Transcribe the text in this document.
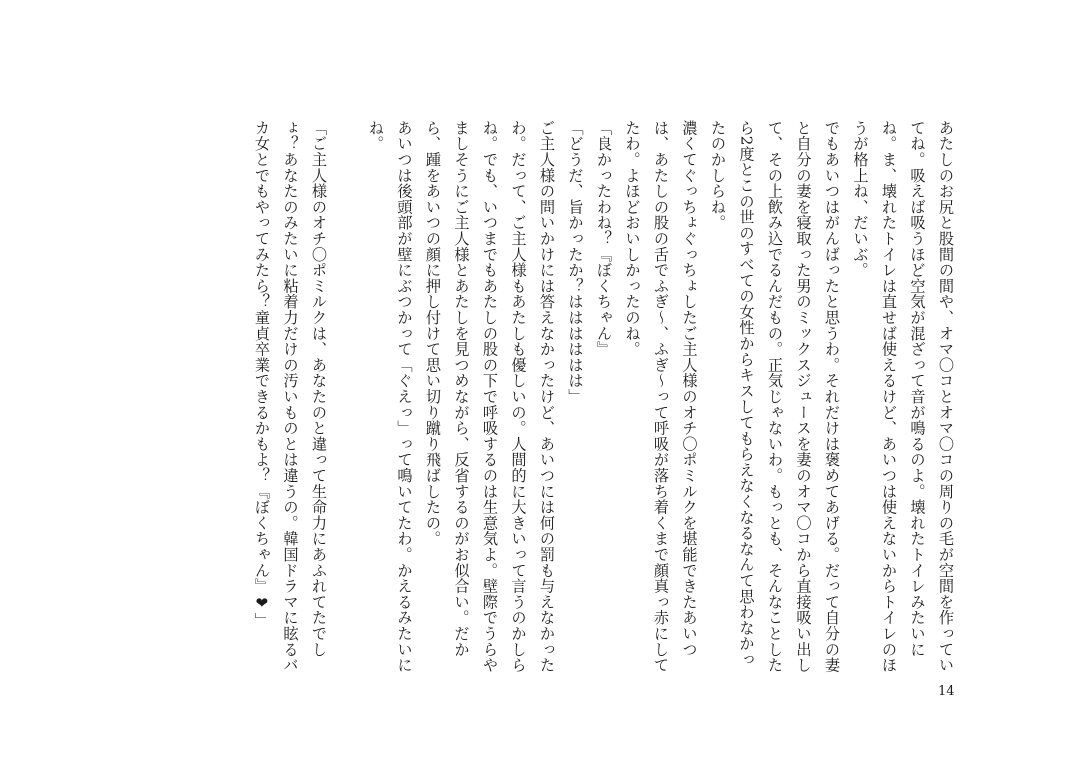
あたしのお尻と股間の間や、オマ〇コとオマ〇コの周りの毛が空間を作っていてね。吸えば吸うほど空気が混ざって音が鳴るのよ。壊れたトイレみたいにね。ま、壊れたトイレは直せば使えるけど、あいつは使えないからトイレのほうが格上ね、だいぶ。

でもあいつはがんばったと思うわ。それだけは褒めてあげる。だって自分の妻と自分の妻を寝取った男のミックスジュースを妻のオマ〇コから直接吸い出して、その上飲み込でるんだもの。正気じゃないわ。もっとも、そんなことしたら2度とこの世のすべての女性からキスしてもらえなくなるなんて思わなかったのかしらね。

濃くてぐっちょぐっちょしたご主人様のオチ〇ポミルクを堪能できたあいつは、あたしの股の舌でふぎ〜、ふぎ〜って呼吸が落ち着くまで顔真っ赤にしてたわ。よほどおいしかったのね。

「良かったわね？『ぼくちゃん』

「どうだ、旨かったか？はははははは」

ご主人様の問いかけには答えなかったけど、あいつには何の罰も与えなかったわ。だって、ご主人様もあたしも優しいの。人間的に大きいって言うのかしらね。でも、いつまでもあたしの股の下で呼吸するのは生意気よ。壁際でうらやましそうにご主人様とあたしを見つめながら、反省するのがお似合い。だから、踵をあいつの顔に押し付けて思い切り蹴り飛ばしたの。

あいつは後頭部が壁にぶつかって「ぐえっ」って鳴いてたわ。かえるみたいにね。

「ご主人様のオチ〇ポミルクは、あなたのと違って生命力にあふれてたでしょ？あなたのみたいに粘着力だけの汚いものとは違うの。韓国ドラマに眩るバカ女とでもやってみたら？童貞卒業できるかもよ？『ぼくちゃん』❤」

14
